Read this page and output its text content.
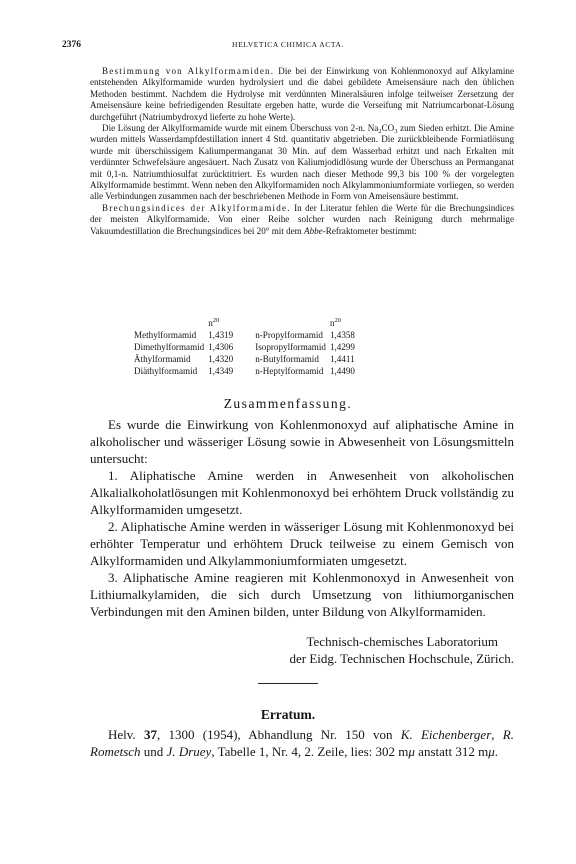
HELVETICA CHIMICA ACTA.
2376

Bestimmung von Alkylformamiden. Die bei der Einwirkung von Kohlenmonoxyd auf Alkylamine entstehenden Alkylformamide wurden hydrolysiert und die dabei gebildete Ameisensäure nach den üblichen Methoden bestimmt. Nachdem die Hydrolyse mit verdünnten Mineralsäuren infolge teilweiser Zersetzung der Ameisensäure keine befriedigenden Resultate ergeben hatte, wurde die Verseifung mit Natriumcarbonat-Lösung durchgeführt (Natriumbydroxyd lieferte zu hohe Werte).

Die Lösung der Alkylformamide wurde mit einem Überschuss von 2-n. $Na_2CO_3$ zum Sieden erhitzt. Die Amine wurden mittels Wasserdampfdestillation innert 4 Std. quantitativ abgetrieben. Die zurückbleibende Formiatlösung wurde mit überschüssigem Kaliumpermanganat 30 Min. auf dem Wasserbad erhitzt und nach Erkalten mit verdünnter Schwefelsäure angesäuert. Nach Zusatz von Kaliumjodidlösung wurde der Überschuss an Permanganat mit 0,1-n. Natriumthiosulfat zurücktitriert. Es wurden nach dieser Methode 99,3 bis 100 % der vorgelegten Alkylformamide bestimmt. Wenn neben den Alkylformamiden noch Alkylammoniumformiate vorliegen, so werden alle Verbindungen zusammen nach der beschriebenen Methode in Form von Ameisensäure bestimmt.

Brechungsindices der Alkylformamide. In der Literatur fehlen die Werte für die Brechungsindices der meisten Alkylformamide. Von einer Reihe solcher wurden nach Reinigung durch mehrmalige Vakuumdestillation die Brechungsindices bei 20° mit dem Abbe-Refraktometer bestimmt:

	$n^{20}$		$n^{20}$
Methylformamid	1,4319	n-Propylformamid	1,4358
Dimethylformamid	1,4306	Isopropylformamid	1,4299
Äthylformamid	1,4320	n-Butylformamid	1,4411
Diäthylformamid	1,4349	n-Heptylformamid	1,4490
Zusammenfassung.

Es wurde die Einwirkung von Kohlenmonoxyd auf aliphatische Amine in alkoholischer und wässeriger Lösung sowie in Abwesenheit von Lösungsmitteln untersucht:

1. Aliphatische Amine werden in Anwesenheit von alkoholischen Alkalialkoholatlösungen mit Kohlenmonoxyd bei erhöhtem Druck vollständig zu Alkylformamiden umgesetzt.

2. Aliphatische Amine werden in wässeriger Lösung mit Kohlenmonoxyd bei erhöhter Temperatur und erhöhtem Druck teilweise zu einem Gemisch von Alkylformamiden und Alkylammoniumformiaten umgesetzt.

3. Aliphatische Amine reagieren mit Kohlenmonoxyd in Anwesenheit von Lithiumalkylamiden, die sich durch Umsetzung von lithiumorganischen Verbindungen mit den Aminen bilden, unter Bildung von Alkylformamiden.

Technisch-chemisches Laboratorium
der Eidg. Technischen Hochschule, Zürich.
Erratum.

Helv. 37, 1300 (1954), Abhandlung Nr. 150 von K. Eichenberger, R. Rometsch und J. Druey, Tabelle 1, Nr. 4, 2. Zeile, lies: 302 mμ anstatt 312 mμ.
